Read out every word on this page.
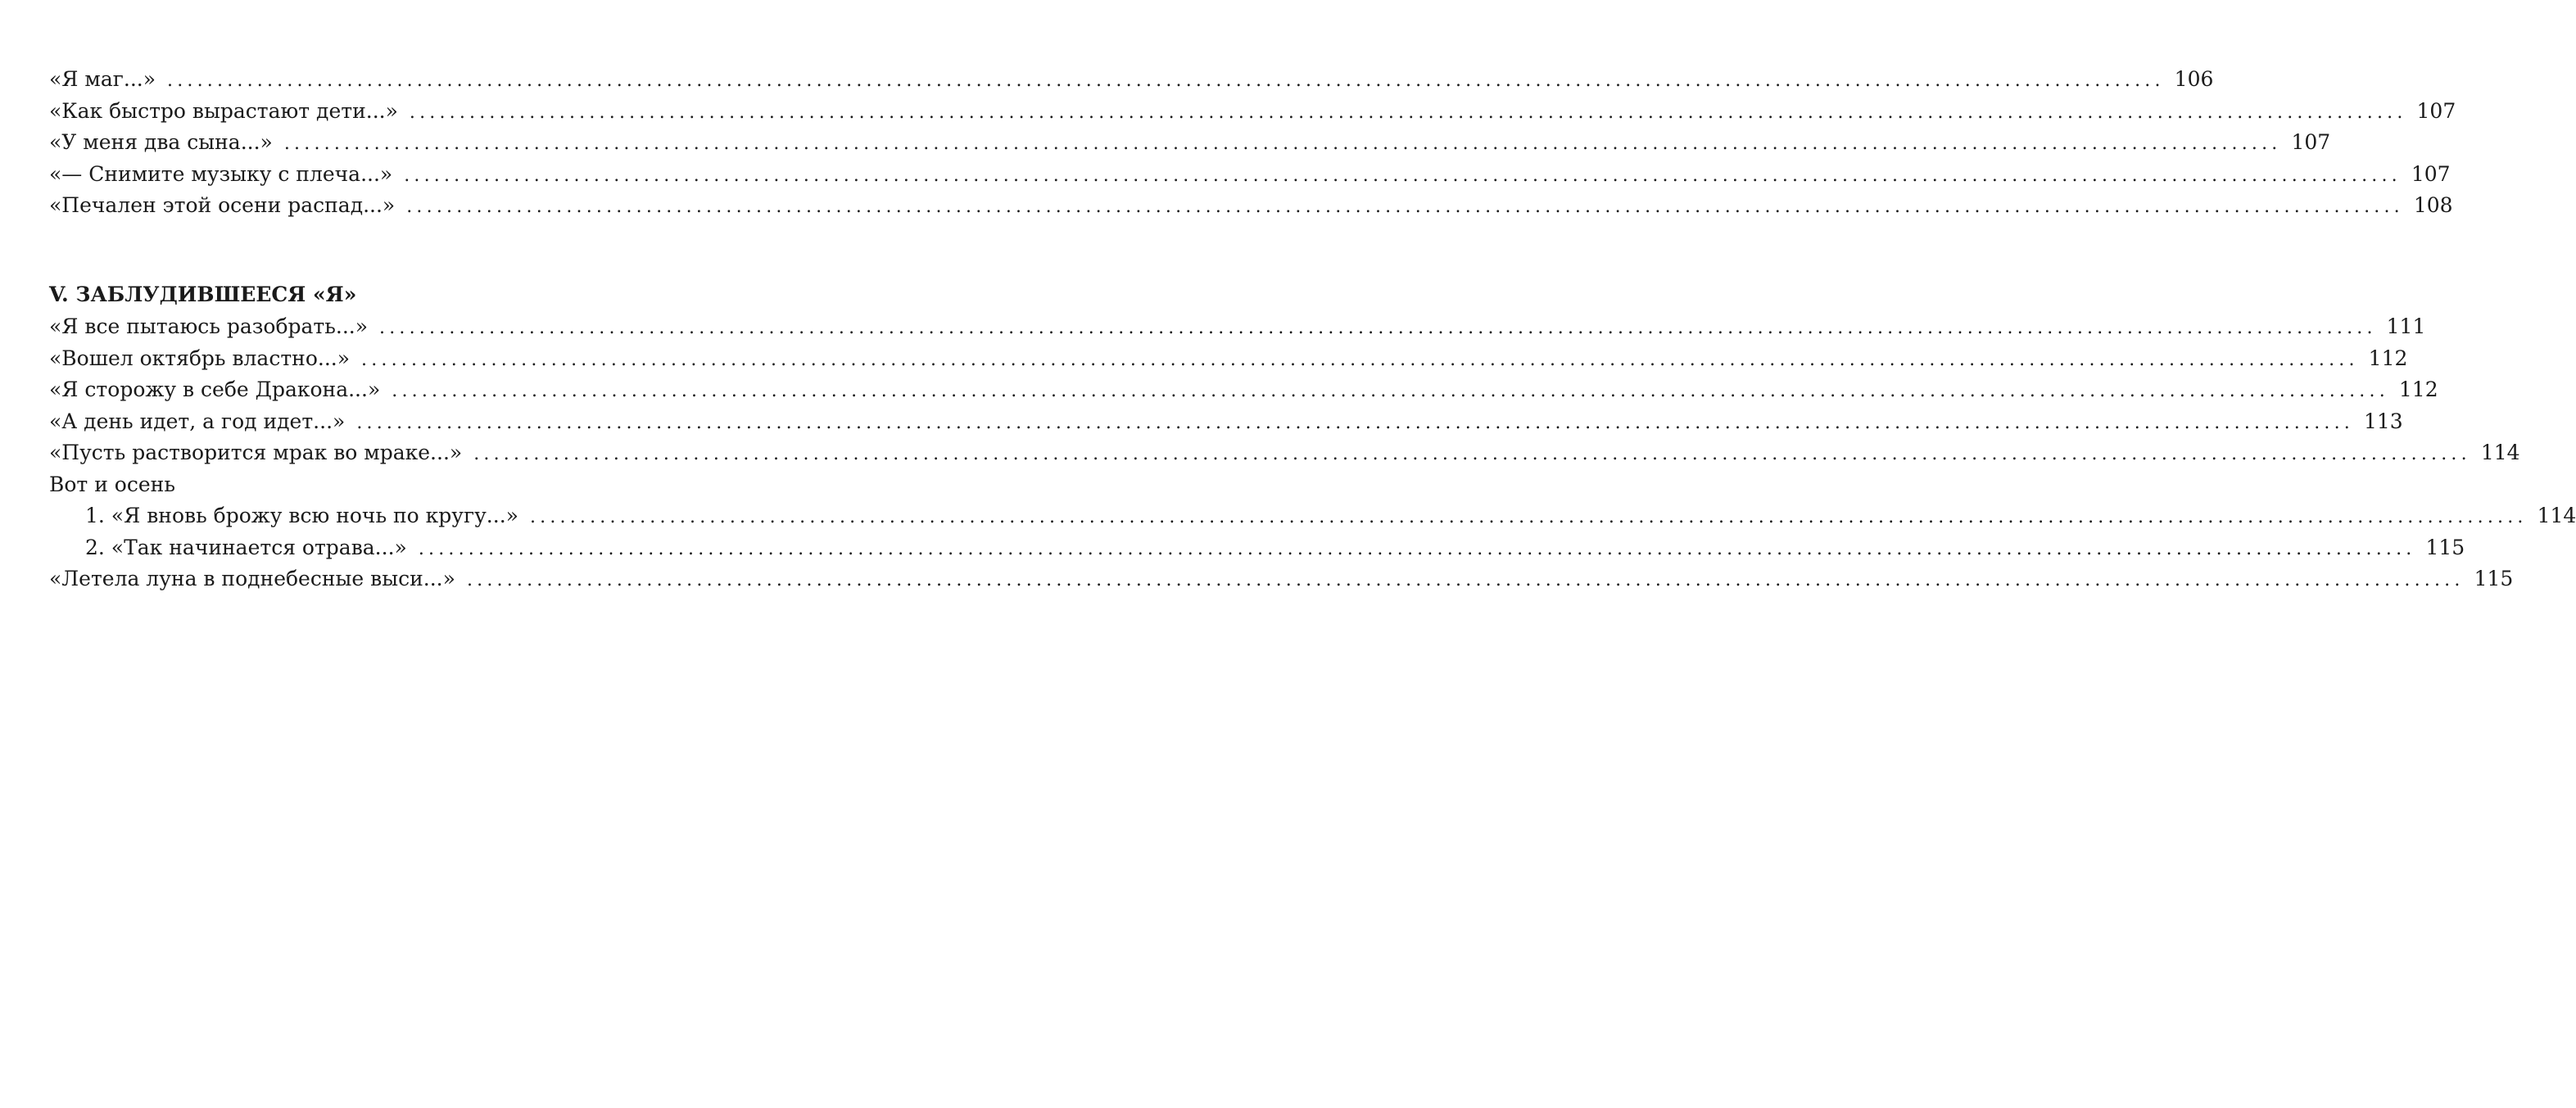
«Я маг...» ........................................................................................................................................................................................................ 106
«Как быстро вырастают дети...» ........................................................................................................................................................................................................ 107
«У меня два сына...» ........................................................................................................................................................................................................ 107
«— Снимите музыку с плеча...» ........................................................................................................................................................................................................ 107
«Печален этой осени распад...» ........................................................................................................................................................................................................ 108
V. ЗАБЛУДИВШЕЕСЯ «Я»
«Я все пытаюсь разобрать...» ........................................................................................................................................................................................................ 111
«Вошел октябрь властно...» ........................................................................................................................................................................................................ 112
«Я сторожу в себе Дракона...» ........................................................................................................................................................................................................ 112
«А день идет, а год идет...» ........................................................................................................................................................................................................ 113
«Пусть растворится мрак во мраке...» ........................................................................................................................................................................................................ 114
Вот и осень
1. «Я вновь брожу всю ночь по кругу...» ........................................................................................................................................................................................................ 114
2. «Так начинается отрава...» ........................................................................................................................................................................................................ 115
«Летела луна в поднебесные выси...» ........................................................................................................................................................................................................ 115
